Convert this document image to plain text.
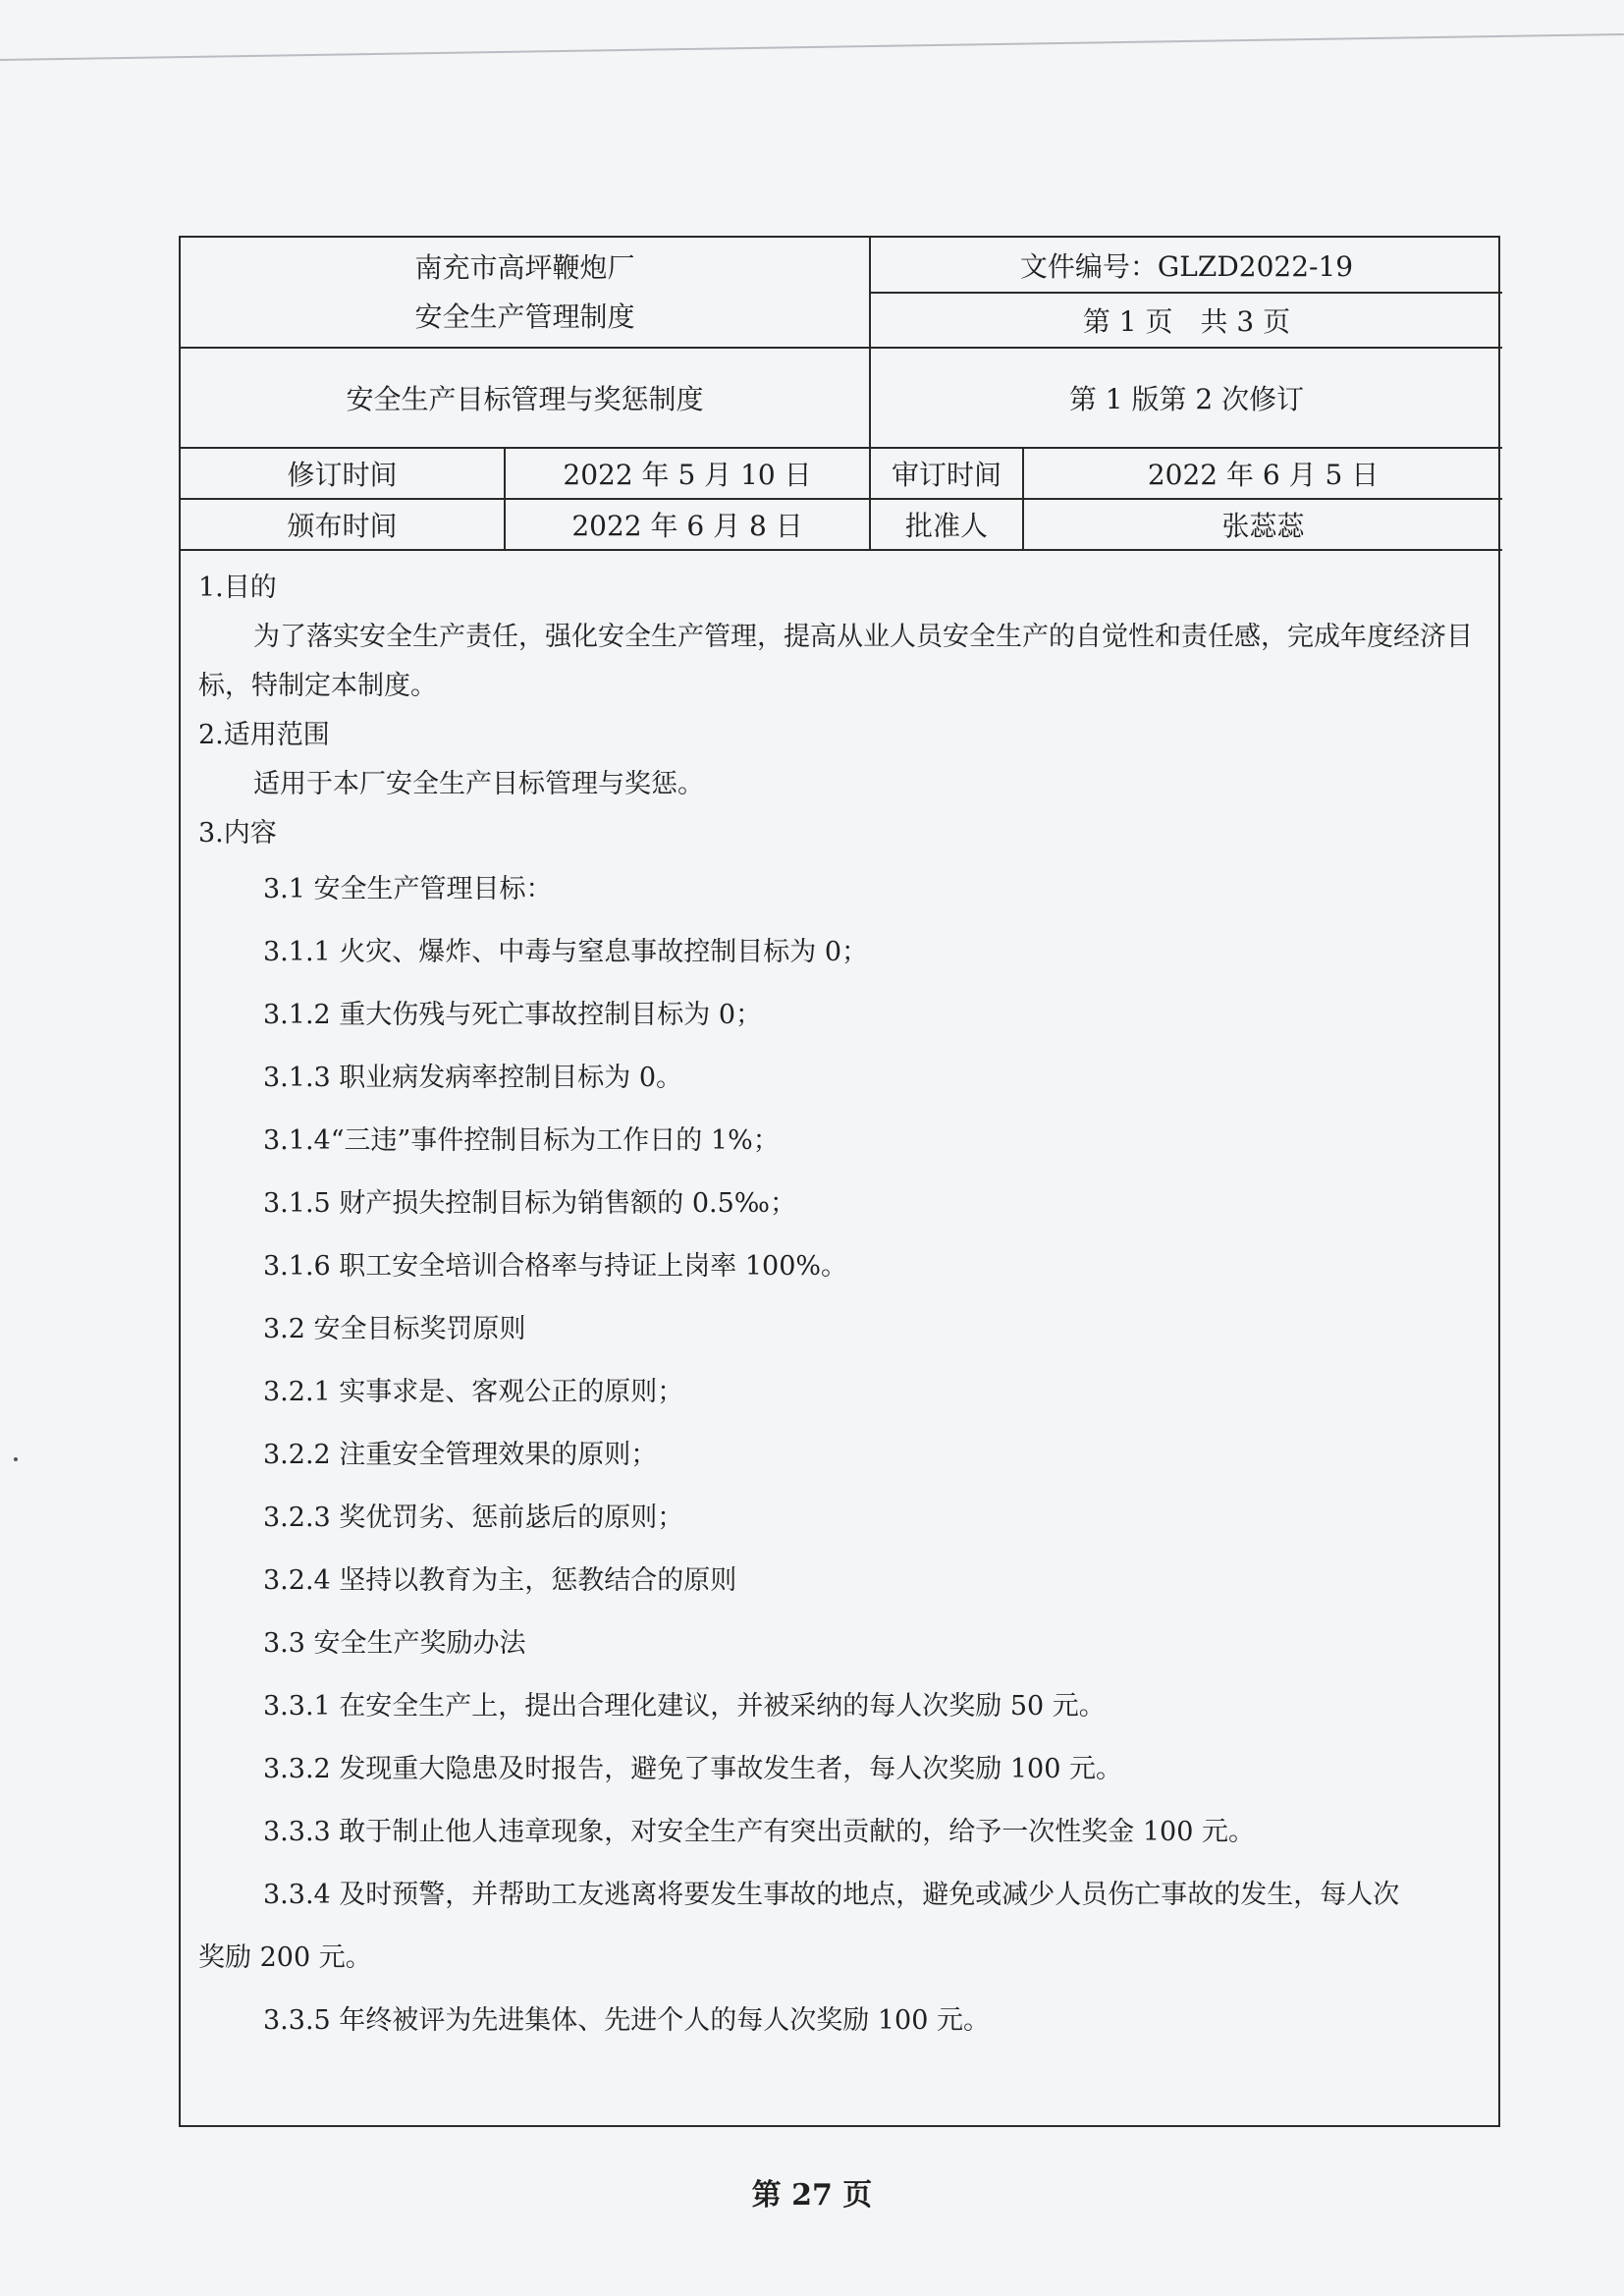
南充市高坪鞭炮厂
安全生产管理制度		文件编号：GLZD2022-19	
		第 1 页　共 3 页	
安全生产目标管理与奖惩制度		第 1 版第 2 次修订	
修订时间	2022 年 5 月 10 日	审订时间	2022 年 6 月 5 日
颁布时间	2022 年 6 月 8 日	批准人	张蕊蕊
1.目的
为了落实安全生产责任，强化安全生产管理，提高从业人员安全生产的自觉性和责任感，完成年度经济目标，特制定本制度。
2.适用范围
适用于本厂安全生产目标管理与奖惩。
3.内容
3.1 安全生产管理目标：
3.1.1 火灾、爆炸、中毒与窒息事故控制目标为 0；
3.1.2 重大伤残与死亡事故控制目标为 0；
3.1.3 职业病发病率控制目标为 0。
3.1.4“三违”事件控制目标为工作日的 1%；
3.1.5 财产损失控制目标为销售额的 0.5‰；
3.1.6 职工安全培训合格率与持证上岗率 100%。
3.2 安全目标奖罚原则
3.2.1 实事求是、客观公正的原则；
3.2.2 注重安全管理效果的原则；
3.2.3 奖优罚劣、惩前毖后的原则；
3.2.4 坚持以教育为主，惩教结合的原则
3.3 安全生产奖励办法
3.3.1 在安全生产上，提出合理化建议，并被采纳的每人次奖励 50 元。
3.3.2 发现重大隐患及时报告，避免了事故发生者，每人次奖励 100 元。
3.3.3 敢于制止他人违章现象，对安全生产有突出贡献的，给予一次性奖金 100 元。
3.3.4 及时预警，并帮助工友逃离将要发生事故的地点，避免或减少人员伤亡事故的发生，每人次
奖励 200 元。
3.3.5 年终被评为先进集体、先进个人的每人次奖励 100 元。
第 27 页
